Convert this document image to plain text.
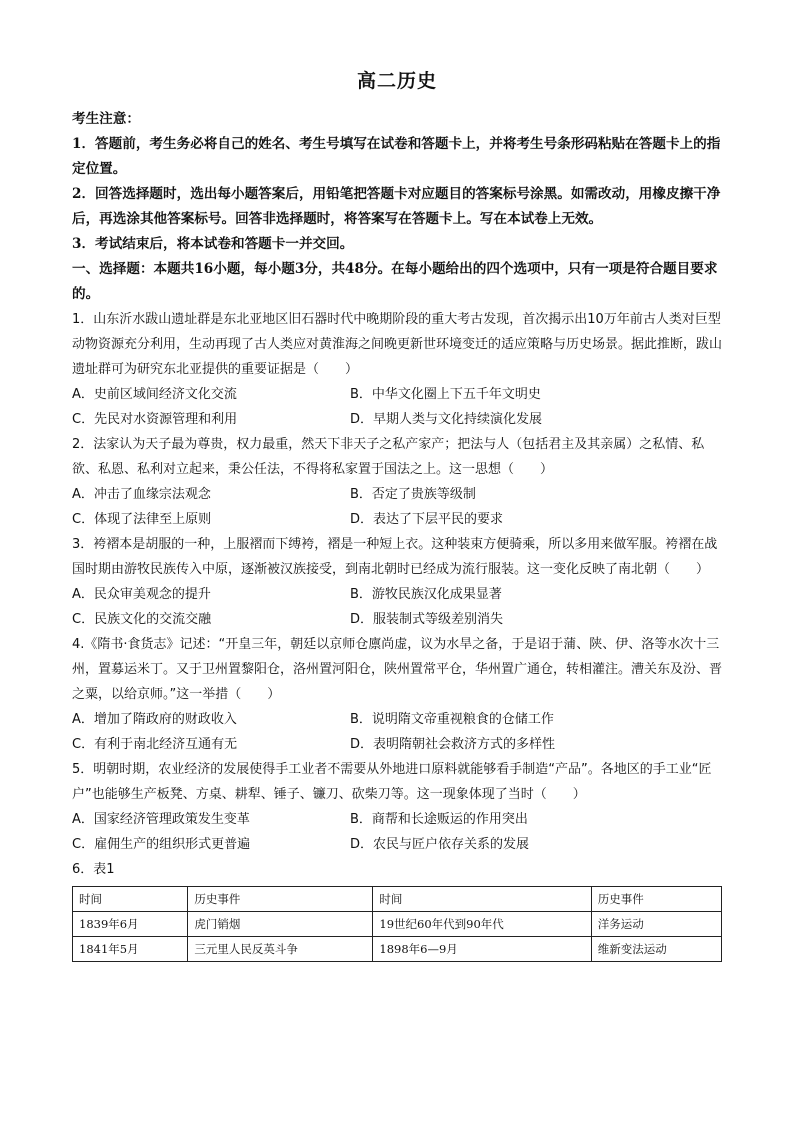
高二历史
考生注意：
1．答题前，考生务必将自己的姓名、考生号填写在试卷和答题卡上，并将考生号条形码粘贴在答题卡上的指定位置。
2．回答选择题时，选出每小题答案后，用铅笔把答题卡对应题目的答案标号涂黑。如需改动，用橡皮擦干净后，再选涂其他答案标号。回答非选择题时，将答案写在答题卡上。写在本试卷上无效。
3．考试结束后，将本试卷和答题卡一并交回。
一、选择题：本题共16小题，每小题3分，共48分。在每小题给出的四个选项中，只有一项是符合题目要求的。
1．山东沂水跋山遗址群是东北亚地区旧石器时代中晚期阶段的重大考古发现，首次揭示出10万年前古人类对巨型动物资源充分利用，生动再现了古人类应对黄淮海之间晚更新世环境变迁的适应策略与历史场景。据此推断，跋山遗址群可为研究东北亚提供的重要证据是（　　）
A．史前区域间经济文化交流	B．中华文化圈上下五千年文明史
C．先民对水资源管理和利用	D．早期人类与文化持续演化发展
2．法家认为天子最为尊贵，权力最重，然天下非天子之私产家产；把法与人（包括君主及其亲属）之私情、私欲、私恩、私利对立起来，秉公任法，不得将私家置于国法之上。这一思想（　　）
A．冲击了血缘宗法观念	B．否定了贵族等级制
C．体现了法律至上原则	D．表达了下层平民的要求
3．袴褶本是胡服的一种，上服褶而下缚袴，褶是一种短上衣。这种装束方便骑乘，所以多用来做军服。袴褶在战国时期由游牧民族传入中原，逐渐被汉族接受，到南北朝时已经成为流行服装。这一变化反映了南北朝（　　）
A．民众审美观念的提升	B．游牧民族汉化成果显著
C．民族文化的交流交融	D．服装制式等级差别消失
4.《隋书·食货志》记述：“开皇三年，朝廷以京师仓廪尚虚，议为水旱之备，于是诏于蒲、陕、伊、洛等水次十三州，置募运米丁。又于卫州置黎阳仓，洛州置河阳仓，陕州置常平仓，华州置广通仓，转相灌注。漕关东及汾、晋之粟，以给京师。”这一举措（　　）
A．增加了隋政府的财政收入	B．说明隋文帝重视粮食的仓储工作
C．有利于南北经济互通有无	D．表明隋朝社会救济方式的多样性
5．明朝时期，农业经济的发展使得手工业者不需要从外地进口原料就能够看手制造“产品”。各地区的手工业“匠户”也能够生产板凳、方桌、耕犁、锤子、镰刀、砍柴刀等。这一现象体现了当时（　　）
A．国家经济管理政策发生变革	B．商帮和长途贩运的作用突出
C．雇佣生产的组织形式更普遍	D．农民与匠户依存关系的发展
6．表1
时间	历史事件	时间	历史事件
1839年6月	虎门销烟	19世纪60年代到90年代	洋务运动
1841年5月	三元里人民反英斗争	1898年6—9月	维新变法运动
